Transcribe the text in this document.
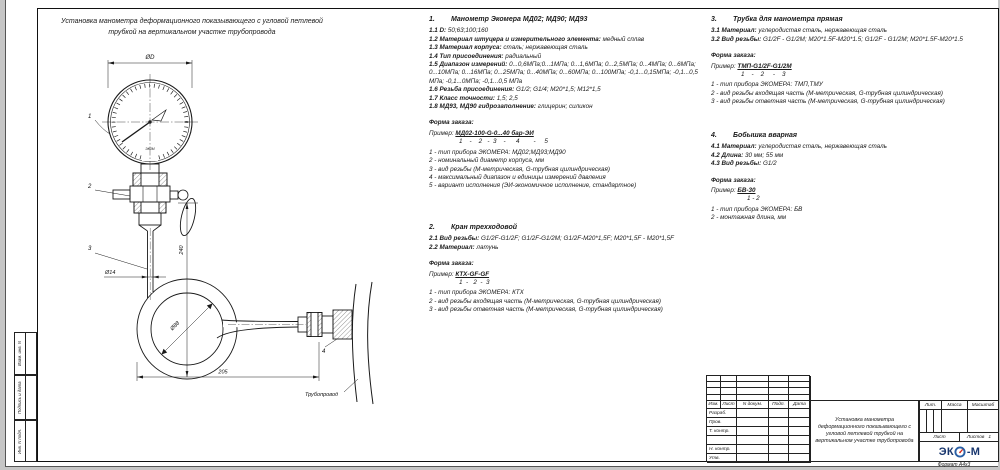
Установка манометра деформационного показывающего с угловой петлевой трубкой на вертикальном участке трубопровода
ØD
ЭКОМ
1
2
3
Ø14
240
Ø88
205
4
Трубопровод
1. Манометр Экомера МД02; МД90; МД93
1.1 D: 50;63;100;160
1.2 Материал штуцера и измерительного элемента: медный сплав
1.3 Материал корпуса: сталь; нержавеющая сталь
1.4 Тип присоединения: радиальный
1.5 Диапазон измерений: 0...0,6МПа;0...1МПа; 0...1,6МПа; 0...2,5МПа; 0...4МПа; 0...6МПа; 0...10МПа; 0...16МПа; 0...25МПа; 0...40МПа; 0...60МПа; 0...100МПа; -0,1...0,15МПа; -0,1...0,5 МПа; -0,1...0МПа; -0,1...0,5 МПа
1.6 Резьба присоединения: G1/2; G1/4; М20*1,5; М12*1,5
1.7 Класс точности: 1,5; 2,5
1.8 МД93, МД90 гидрозаполнение: глицерин; силикон
Форма заказа:
Пример: МД02-100-G-0...40 бар-ЭИ
1    -    2   -  3    -      4        -     5
1 - тип прибора ЭКОМЕРА: МД02;МД93;МД90
2 - номинальный диаметр корпуса, мм
3 - вид резьбы (М-метрическая, G-трубная цилиндрическая)
4 - максимальный диапазон и единицы измерений давления
5 - вариант исполнения (ЭИ-экономичное исполнение, стандартное)
2. Кран трехходовой
2.1 Вид резьбы: G1/2F-G1/2F; G1/2F-G1/2M; G1/2F-М20*1,5F; М20*1,5F - М20*1,5F
2.2 Материал: латунь
Форма заказа:
Пример: КТХ-GF-GF
1  -   2  -  3
1 - тип прибора ЭКОМЕРА: КТХ
2 - вид резьбы входящая часть (М-метрическая, G-трубная цилиндрическая)
3 - вид резьбы ответная часть (М-метрическая, G-трубная цилиндрическая)
3. Трубка для манометра прямая
3.1 Материал: углеродистая сталь, нержавеющая сталь
3.2 Вид резьбы: G1/2F - G1/2M; М20*1.5F-М20*1.5; G1/2F - G1/2M; М20*1.5F-М20*1.5
Форма заказа:
Пример: ТМП-G1/2F-G1/2M
1    -    2     -    3
1 - тип прибора ЭКОМЕРА: ТМП,ТМУ
2 - вид резьбы входящая часть (М-метрическая, G-трубная цилиндрическая)
3 - вид резьбы ответная часть (М-метрическая, G-трубная цилиндрическая)
4. Бобышка вварная
4.1 Материал: углеродистая сталь, нержавеющая сталь
4.2 Длина: 30 мм; 55 мм
4.3 Вид резьбы: G1/2
Форма заказа:
Пример: БВ-30
1 - 2
1 - тип прибора ЭКОМЕРА: БВ
2 - монтажная длина, мм
Взам. инв. N
Подпись и дата
Инв. N подл.
Изм. Лист	N докум.	Подп.	Дата
Разраб.
Пров.
Т. контр.
Н. контр.
Утв.
Установка манометра деформационного показывающего с угловой петлевой трубкой на вертикальном участке трубопровода
Лит.	Масса	Масштаб
Лист	Листов
1
ЭК -М
Формат А4х3
